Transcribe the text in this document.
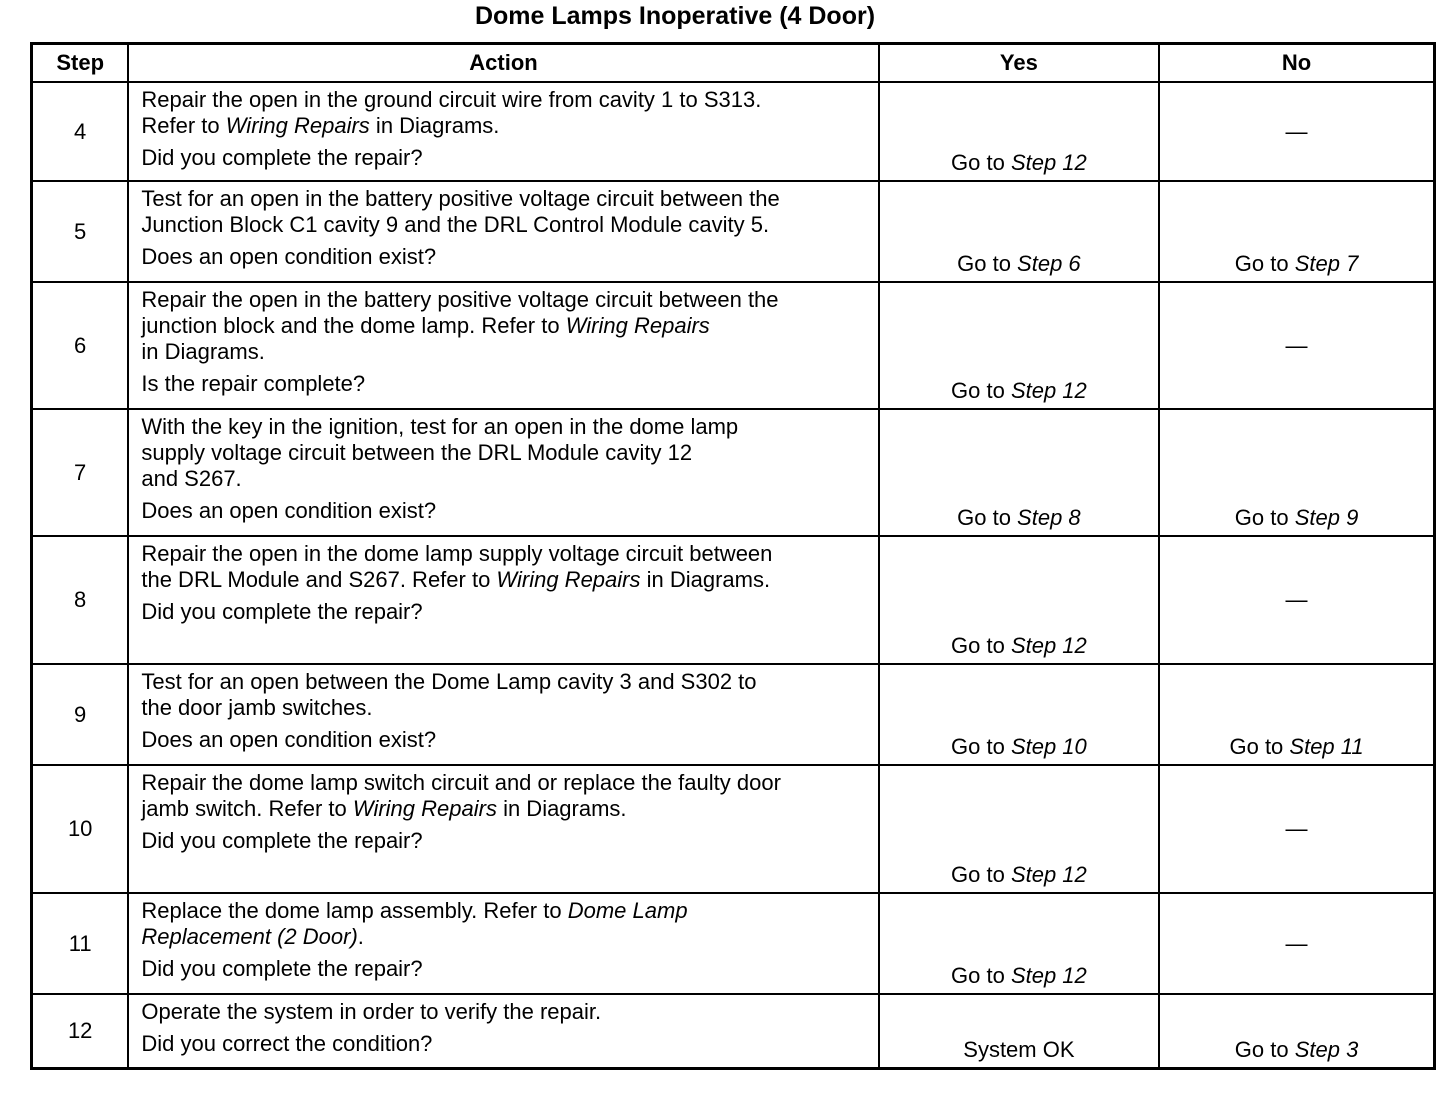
Dome Lamps Inoperative (4 Door)
Step	Action	Yes	No
4	Repair the open in the ground circuit wire from cavity 1 to S313.
Refer to Wiring Repairs in Diagrams.
Did you complete the repair?	Go to Step 12	—
5	Test for an open in the battery positive voltage circuit between the
Junction Block C1 cavity 9 and the DRL Control Module cavity 5.
Does an open condition exist?	Go to Step 6	Go to Step 7
6	Repair the open in the battery positive voltage circuit between the
junction block and the dome lamp. Refer to Wiring Repairs
in Diagrams.
Is the repair complete?	Go to Step 12	—
7	With the key in the ignition, test for an open in the dome lamp
supply voltage circuit between the DRL Module cavity 12
and S267.
Does an open condition exist?	Go to Step 8	Go to Step 9
8	Repair the open in the dome lamp supply voltage circuit between
the DRL Module and S267. Refer to Wiring Repairs in Diagrams.
Did you complete the repair?	Go to Step 12	—
9	Test for an open between the Dome Lamp cavity 3 and S302 to
the door jamb switches.
Does an open condition exist?	Go to Step 10	Go to Step 11
10	Repair the dome lamp switch circuit and or replace the faulty door
jamb switch. Refer to Wiring Repairs in Diagrams.
Did you complete the repair?	Go to Step 12	—
11	Replace the dome lamp assembly. Refer to Dome Lamp
Replacement (2 Door).
Did you complete the repair?	Go to Step 12	—
12	Operate the system in order to verify the repair.
Did you correct the condition?	System OK	Go to Step 3
